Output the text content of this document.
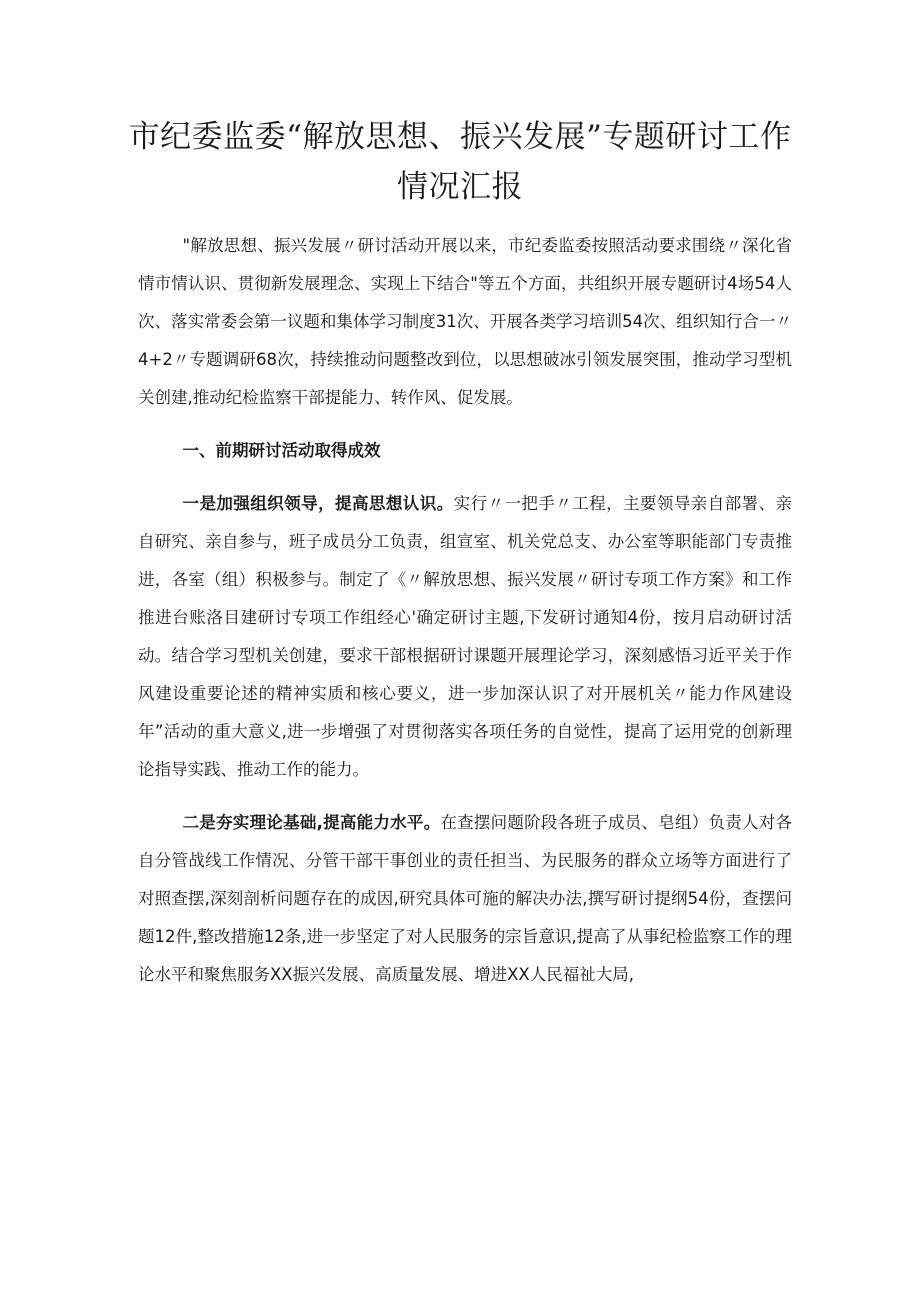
市纪委监委“解放思想、振兴发展”专题研讨工作情况汇报

"解放思想、振兴发展〃研讨活动开展以来，市纪委监委按照活动要求围绕〃深化省情市情认识、贯彻新发展理念、实现上下结合"等五个方面，共组织开展专题研讨4场54人次、落实常委会第一议题和集体学习制度31次、开展各类学习培训54次、组织知行合一〃4+2〃专题调研68次，持续推动问题整改到位，以思想破冰引领发展突围，推动学习型机关创建,推动纪检监察干部提能力、转作风、促发展。

一、前期研讨活动取得成效

一是加强组织领导，提高思想认识。实行〃一把手〃工程，主要领导亲自部署、亲自研究、亲自参与，班子成员分工负责，组宣室、机关党总支、办公室等职能部门专责推进，各室（组）积极参与。制定了《〃解放思想、振兴发展〃研讨专项工作方案》和工作推进台账洛目建研讨专项工作组经心'确定研讨主题,下发研讨通知4份，按月启动研讨活动。结合学习型机关创建，要求干部根据研讨课题开展理论学习，深刻感悟习近平关于作风建设重要论述的精神实质和核心要义，进一步加深认识了对开展机关〃能力作风建设年”活动的重大意义,进一步增强了对贯彻落实各项任务的自觉性，提高了运用党的创新理论指导实践、推动工作的能力。

二是夯实理论基础,提高能力水平。在查摆问题阶段各班子成员、皂组）负责人对各自分管战线工作情况、分管干部干事创业的责任担当、为民服务的群众立场等方面进行了对照查摆,深刻剖析问题存在的成因,研究具体可施的解决办法,撰写研讨提纲54份，查摆问题12件,整改措施12条,进一步坚定了对人民服务的宗旨意识,提高了从事纪检监察工作的理论水平和聚焦服务XX振兴发展、高质量发展、增进XX人民福祉大局,
